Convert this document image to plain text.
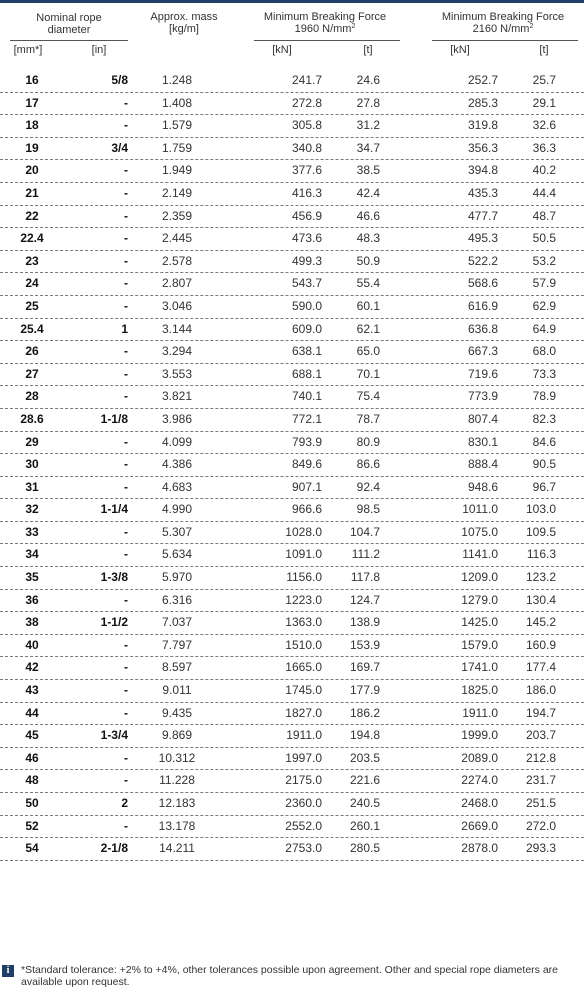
Nominal rope diameter
Approx. mass [kg/m]
Minimum Breaking Force
1960 $N/mm^2$
Minimum Breaking Force
2160 $N/mm^2$
[mm*]	[in]	[kN]	[t]	[kN]	[t]
16	5/8	1.248	241.7	24.6	252.7	25.7
17	-	1.408	272.8	27.8	285.3	29.1
18	-	1.579	305.8	31.2	319.8	32.6
19	3/4	1.759	340.8	34.7	356.3	36.3
20	-	1.949	377.6	38.5	394.8	40.2
21	-	2.149	416.3	42.4	435.3	44.4
22	-	2.359	456.9	46.6	477.7	48.7
22.4	-	2.445	473.6	48.3	495.3	50.5
23	-	2.578	499.3	50.9	522.2	53.2
24	-	2.807	543.7	55.4	568.6	57.9
25	-	3.046	590.0	60.1	616.9	62.9
25.4	1	3.144	609.0	62.1	636.8	64.9
26	-	3.294	638.1	65.0	667.3	68.0
27	-	3.553	688.1	70.1	719.6	73.3
28	-	3.821	740.1	75.4	773.9	78.9
28.6	1-1/8	3.986	772.1	78.7	807.4	82.3
29	-	4.099	793.9	80.9	830.1	84.6
30	-	4.386	849.6	86.6	888.4	90.5
31	-	4.683	907.1	92.4	948.6	96.7
32	1-1/4	4.990	966.6	98.5	1011.0	103.0
33	-	5.307	1028.0	104.7	1075.0	109.5
34	-	5.634	1091.0	111.2	1141.0	116.3
35	1-3/8	5.970	1156.0	117.8	1209.0	123.2
36	-	6.316	1223.0	124.7	1279.0	130.4
38	1-1/2	7.037	1363.0	138.9	1425.0	145.2
40	-	7.797	1510.0	153.9	1579.0	160.9
42	-	8.597	1665.0	169.7	1741.0	177.4
43	-	9.011	1745.0	177.9	1825.0	186.0
44	-	9.435	1827.0	186.2	1911.0	194.7
45	1-3/4	9.869	1911.0	194.8	1999.0	203.7
46	-	10.312	1997.0	203.5	2089.0	212.8
48	-	11.228	2175.0	221.6	2274.0	231.7
50	2	12.183	2360.0	240.5	2468.0	251.5
52	-	13.178	2552.0	260.1	2669.0	272.0
54	2-1/8	14.211	2753.0	280.5	2878.0	293.3
i	*Standard tolerance: +2% to +4%, other tolerances possible upon agreement. Other and special rope diameters are available upon request.
